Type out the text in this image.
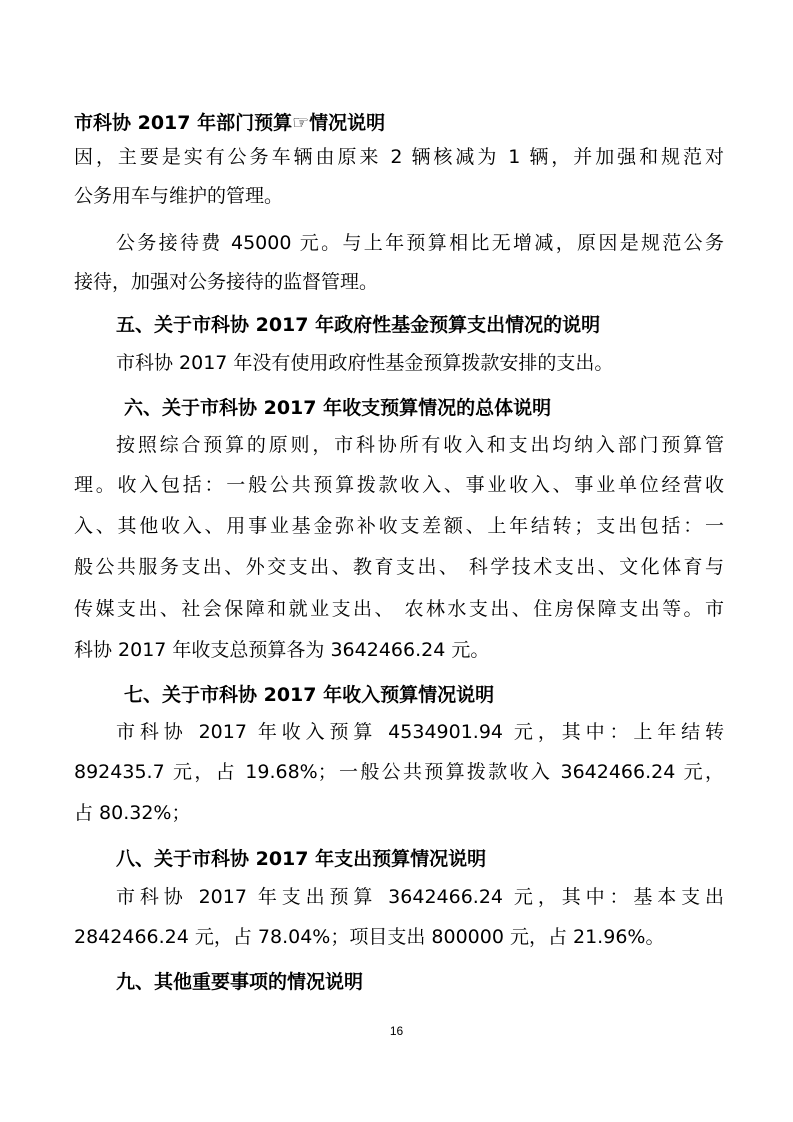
市科协 2017 年部门预算☞情况说明
因，主要是实有公务车辆由原来 2 辆核减为 1 辆，并加强和规范对
公务用车与维护的管理。
公务接待费 45000 元。与上年预算相比无增减，原因是规范公务
接待，加强对公务接待的监督管理。
五、关于市科协 2017 年政府性基金预算支出情况的说明
市科协 2017 年没有使用政府性基金预算拨款安排的支出。
六、关于市科协 2017 年收支预算情况的总体说明
按照综合预算的原则，市科协所有收入和支出均纳入部门预算管
理。收入包括：一般公共预算拨款收入、事业收入、事业单位经营收
入、其他收入、用事业基金弥补收支差额、上年结转；支出包括：一
般公共服务支出、外交支出、教育支出、 科学技术支出、文化体育与
传媒支出、社会保障和就业支出、 农林水支出、住房保障支出等。市
科协 2017 年收支总预算各为 3642466.24 元。
七、关于市科协 2017 年收入预算情况说明
市科协 2017 年收入预算 4534901.94 元，其中：上年结转
892435.7 元，占 19.68%；一般公共预算拨款收入 3642466.24 元，
占 80.32%；
八、关于市科协 2017 年支出预算情况说明
市科协 2017 年支出预算 3642466.24 元，其中：基本支出
2842466.24 元，占 78.04%；项目支出 800000 元，占 21.96%。
九、其他重要事项的情况说明
16
